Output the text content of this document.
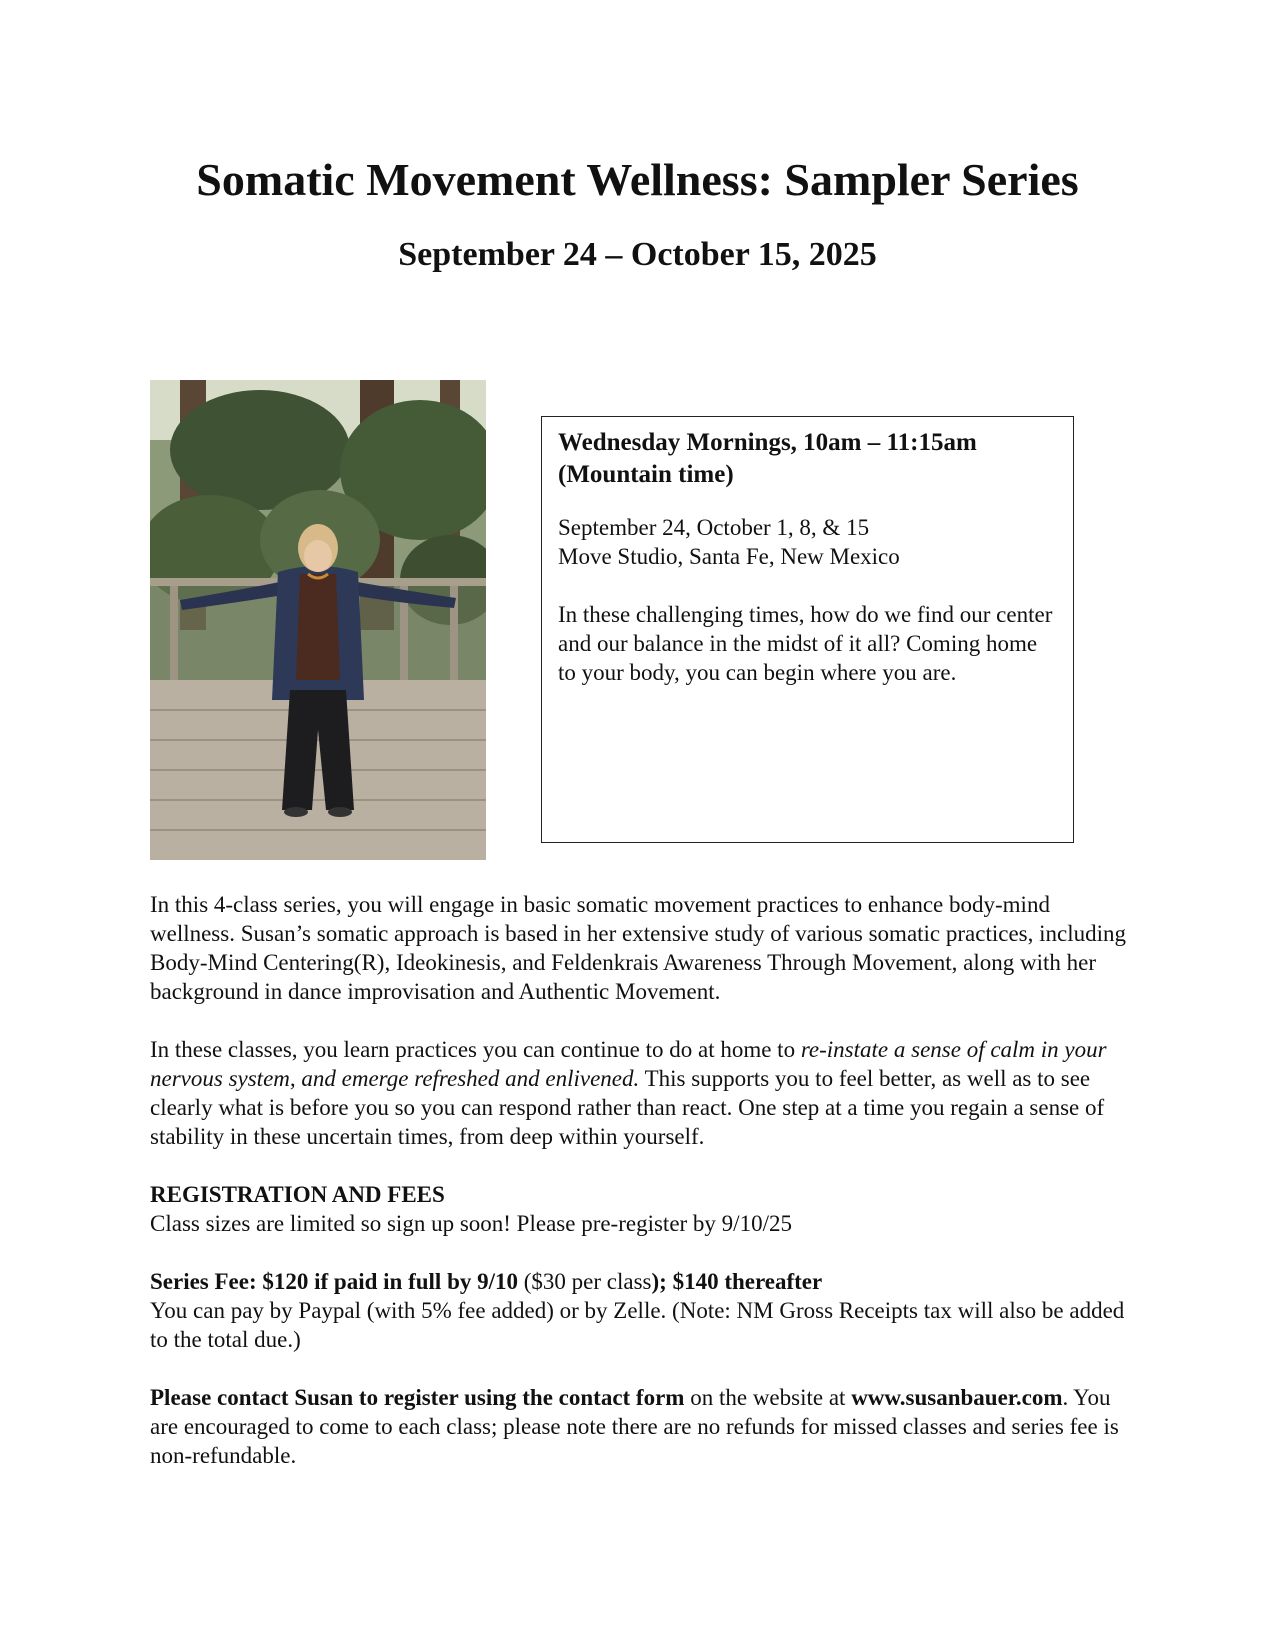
Somatic Movement Wellness: Sampler Series
September 24 – October 15, 2025

Wednesday Mornings, 10am – 11:15am
(Mountain time)

September 24, October 1, 8, & 15

Move Studio, Santa Fe, New Mexico

In these challenging times, how do we find our center and our balance in the midst of it all? Coming home to your body, you can begin where you are.

In this 4-class series, you will engage in basic somatic movement practices to enhance body-mind wellness. Susan’s somatic approach is based in her extensive study of various somatic practices, including Body-Mind Centering(R), Ideokinesis, and Feldenkrais Awareness Through Movement, along with her background in dance improvisation and Authentic Movement.

In these classes, you learn practices you can continue to do at home to re-instate a sense of calm in your nervous system, and emerge refreshed and enlivened. This supports you to feel better, as well as to see clearly what is before you so you can respond rather than react. One step at a time you regain a sense of stability in these uncertain times, from deep within yourself.

REGISTRATION AND FEES

Class sizes are limited so sign up soon! Please pre-register by 9/10/25

Series Fee: $120 if paid in full by 9/10 ($30 per class); $140 thereafter

You can pay by Paypal (with 5% fee added) or by Zelle. (Note: NM Gross Receipts tax will also be added to the total due.)

Please contact Susan to register using the contact form on the website at www.susanbauer.com. You are encouraged to come to each class; please note there are no refunds for missed classes and series fee is non-refundable.
